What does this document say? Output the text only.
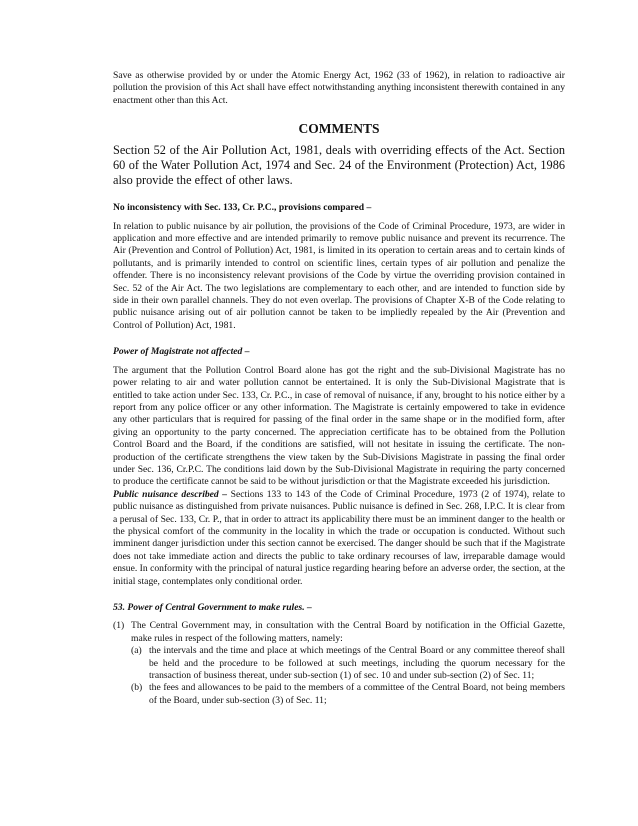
Save as otherwise provided by or under the Atomic Energy Act, 1962 (33 of 1962), in relation to radioactive air pollution the provision of this Act shall have effect notwithstanding anything inconsistent therewith contained in any enactment other than this Act.

COMMENTS

Section 52 of the Air Pollution Act, 1981, deals with overriding effects of the Act. Section 60 of the Water Pollution Act, 1974 and Sec. 24 of the Environment (Protection) Act, 1986 also provide the effect of other laws.

No inconsistency with Sec. 133, Cr. P.C., provisions compared –

In relation to public nuisance by air pollution, the provisions of the Code of Criminal Procedure, 1973, are wider in application and more effective and are intended primarily to remove public nuisance and prevent its recurrence. The Air (Prevention and Control of Pollution) Act, 1981, is limited in its operation to certain areas and to certain kinds of pollutants, and is primarily intended to control on scientific lines, certain types of air pollution and penalize the offender. There is no inconsistency relevant provisions of the Code by virtue the overriding provision contained in Sec. 52 of the Air Act. The two legislations are complementary to each other, and are intended to function side by side in their own parallel channels. They do not even overlap. The provisions of Chapter X-B of the Code relating to public nuisance arising out of air pollution cannot be taken to be impliedly repealed by the Air (Prevention and Control of Pollution) Act, 1981.

Power of Magistrate not affected –

The argument that the Pollution Control Board alone has got the right and the sub-Divisional Magistrate has no power relating to air and water pollution cannot be entertained. It is only the Sub-Divisional Magistrate that is entitled to take action under Sec. 133, Cr. P.C., in case of removal of nuisance, if any, brought to his notice either by a report from any police officer or any other information. The Magistrate is certainly empowered to take in evidence any other particulars that is required for passing of the final order in the same shape or in the modified form, after giving an opportunity to the party concerned. The appreciation certificate has to be obtained from the Pollution Control Board and the Board, if the conditions are satisfied, will not hesitate in issuing the certificate. The non-production of the certificate strengthens the view taken by the Sub-Divisions Magistrate in passing the final order under Sec. 136, Cr.P.C. The conditions laid down by the Sub-Divisional Magistrate in requiring the party concerned to produce the certificate cannot be said to be without jurisdiction or that the Magistrate exceeded his jurisdiction.

Public nuisance described – Sections 133 to 143 of the Code of Criminal Procedure, 1973 (2 of 1974), relate to public nuisance as distinguished from private nuisances. Public nuisance is defined in Sec. 268, I.P.C. It is clear from a perusal of Sec. 133, Cr. P., that in order to attract its applicability there must be an imminent danger to the health or the physical comfort of the community in the locality in which the trade or occupation is conducted. Without such imminent danger jurisdiction under this section cannot be exercised. The danger should be such that if the Magistrate does not take immediate action and directs the public to take ordinary recourses of law, irreparable damage would ensue. In conformity with the principal of natural justice regarding hearing before an adverse order, the section, at the initial stage, contemplates only conditional order.

53. Power of Central Government to make rules. –
(1) The Central Government may, in consultation with the Central Board by notification in the Official Gazette, make rules in respect of the following matters, namely:
(a) the intervals and the time and place at which meetings of the Central Board or any committee thereof shall be held and the procedure to be followed at such meetings, including the quorum necessary for the transaction of business thereat, under sub-section (1) of sec. 10 and under sub-section (2) of Sec. 11;
(b) the fees and allowances to be paid to the members of a committee of the Central Board, not being members of the Board, under sub-section (3) of Sec. 11;
